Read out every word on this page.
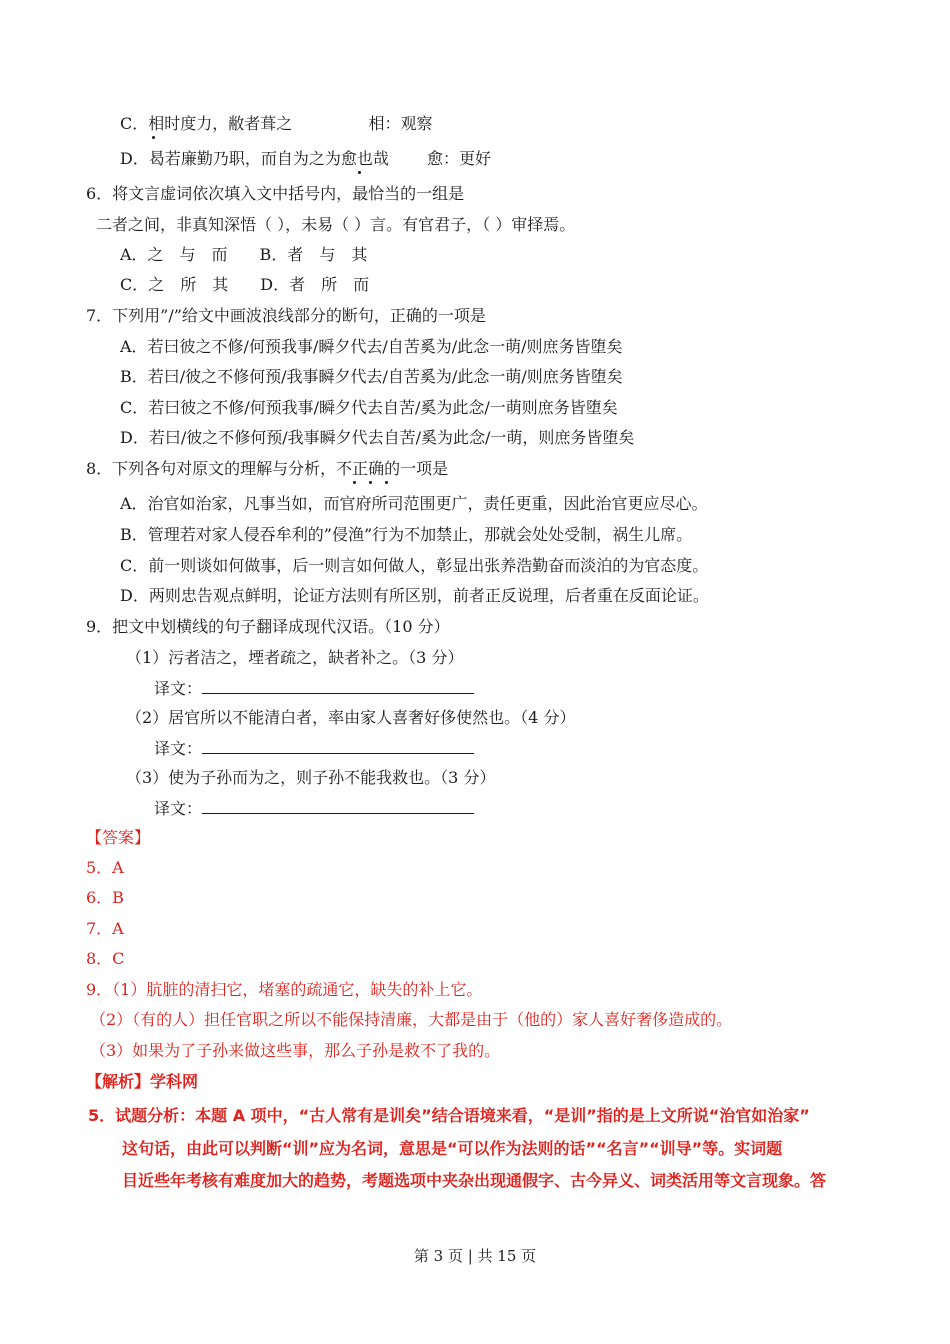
C．相时度力，敝者葺之	相：观察
D．曷若廉勤乃职，而自为之为愈也哉 愈：更好
6．将文言虚词依次填入文中括号内，最恰当的一组是
二者之间，非真知深悟（ ），未易（ ）言。有官君子，（ ）审择焉。
A．之　与　而　　B．者　与　其
C．之　所　其　　D．者　所　而
7．下列用”/”给文中画波浪线部分的断句，正确的一项是
A．若曰彼之不修/何预我事/瞬夕代去/自苦奚为/此念一萌/则庶务皆堕矣
B．若曰/彼之不修何预/我事瞬夕代去/自苦奚为/此念一萌/则庶务皆堕矣
C．若曰彼之不修/何预我事/瞬夕代去自苦/奚为此念/一萌则庶务皆堕矣
D．若曰/彼之不修何预/我事瞬夕代去自苦/奚为此念/一萌，则庶务皆堕矣
8．下列各句对原文的理解与分析，不正确的一项是
A．治官如治家，凡事当如，而官府所司范围更广，责任更重，因此治官更应尽心。
B．管理若对家人侵吞牟利的”侵渔”行为不加禁止，那就会处处受制，祸生儿席。
C．前一则谈如何做事，后一则言如何做人，彰显出张养浩勤奋而淡泊的为官态度。
D．两则忠告观点鲜明，论证方法则有所区别，前者正反说理，后者重在反面论证。
9．把文中划横线的句子翻译成现代汉语。（10 分）
（1）污者洁之，堙者疏之，缺者补之。（3 分）
译文：
（2）居官所以不能清白者，率由家人喜奢好侈使然也。（4 分）
译文：
（3）使为子孙而为之，则子孙不能我救也。（3 分）
译文：
【答案】
5．A
6．B
7．A
8．C
9．（1）肮脏的清扫它，堵塞的疏通它，缺失的补上它。
（2）（有的人）担任官职之所以不能保持清廉，大都是由于（他的）家人喜好奢侈造成的。
（3）如果为了子孙来做这些事，那么子孙是救不了我的。
【解析】学科网
5．试题分析：本题 A 项中，“古人常有是训矣”结合语境来看，“是训”指的是上文所说“治官如治家”
这句话，由此可以判断“训”应为名词，意思是“可以作为法则的话”“名言”“训导”等。实词题
目近些年考核有难度加大的趋势，考题选项中夹杂出现通假字、古今异义、词类活用等文言现象。答
第 3 页 | 共 15 页
